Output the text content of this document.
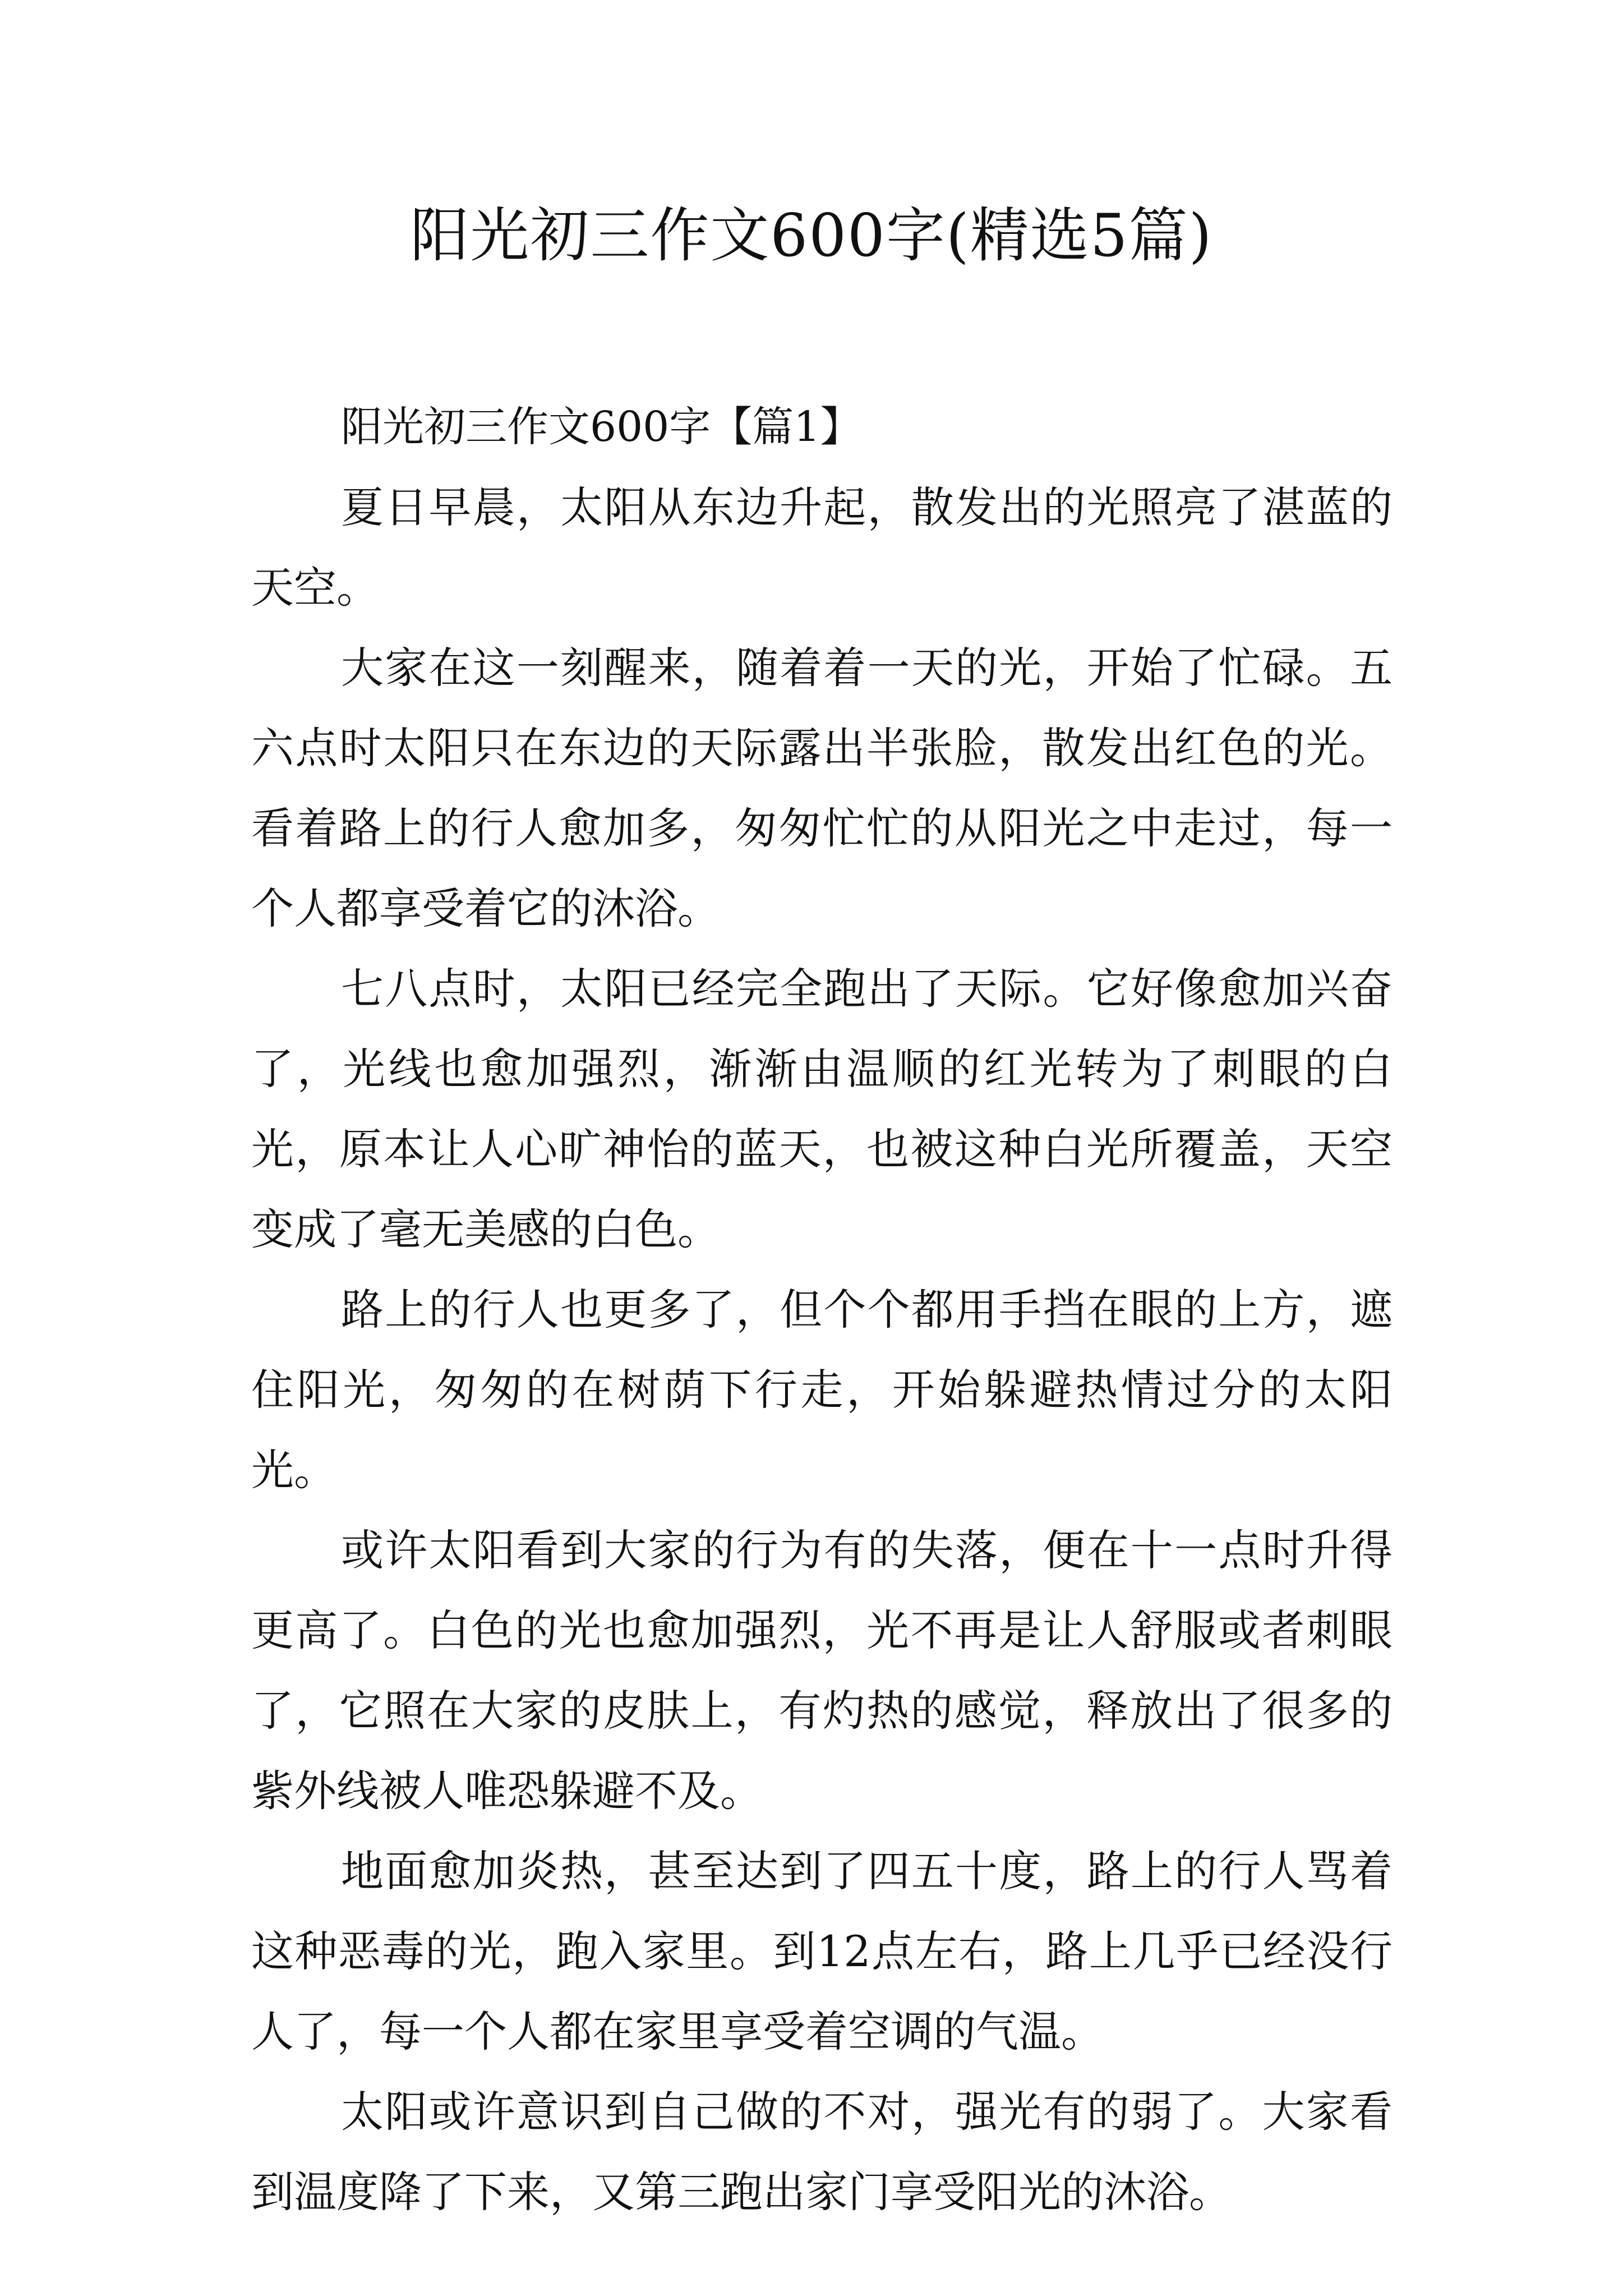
阳光初三作文600字(精选5篇)

阳光初三作文600字【篇1】

夏日早晨，太阳从东边升起，散发出的光照亮了湛蓝的天空。

大家在这一刻醒来，随着着一天的光，开始了忙碌。五六点时太阳只在东边的天际露出半张脸，散发出红色的光。看着路上的行人愈加多，匆匆忙忙的从阳光之中走过，每一个人都享受着它的沐浴。

七八点时，太阳已经完全跑出了天际。它好像愈加兴奋了，光线也愈加强烈，渐渐由温顺的红光转为了刺眼的白光，原本让人心旷神怡的蓝天，也被这种白光所覆盖，天空变成了毫无美感的白色。

路上的行人也更多了，但个个都用手挡在眼的上方，遮住阳光，匆匆的在树荫下行走，开始躲避热情过分的太阳光。

或许太阳看到大家的行为有的失落，便在十一点时升得更高了。白色的光也愈加强烈，光不再是让人舒服或者刺眼了，它照在大家的皮肤上，有灼热的感觉，释放出了很多的紫外线被人唯恐躲避不及。

地面愈加炎热，甚至达到了四五十度，路上的行人骂着这种恶毒的光，跑入家里。到12点左右，路上几乎已经没行人了，每一个人都在家里享受着空调的气温。

太阳或许意识到自己做的不对，强光有的弱了。大家看到温度降了下来，又第三跑出家门享受阳光的沐浴。
